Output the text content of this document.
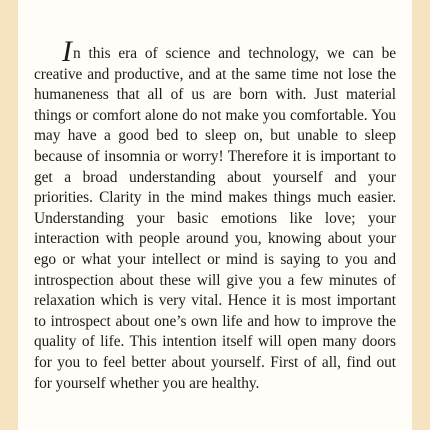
In this era of science and technology, we can be creative and productive, and at the same time not lose the humaneness that all of us are born with. Just material things or comfort alone do not make you comfortable. You may have a good bed to sleep on, but unable to sleep because of insomnia or worry! Therefore it is important to get a broad understanding about yourself and your priorities. Clarity in the mind makes things much easier. Understanding your basic emotions like love; your interaction with people around you, knowing about your ego or what your intellect or mind is saying to you and introspection about these will give you a few minutes of relaxation which is very vital. Hence it is most important to introspect about one’s own life and how to improve the quality of life. This intention itself will open many doors for you to feel better about yourself. First of all, find out for yourself whether you are healthy.
